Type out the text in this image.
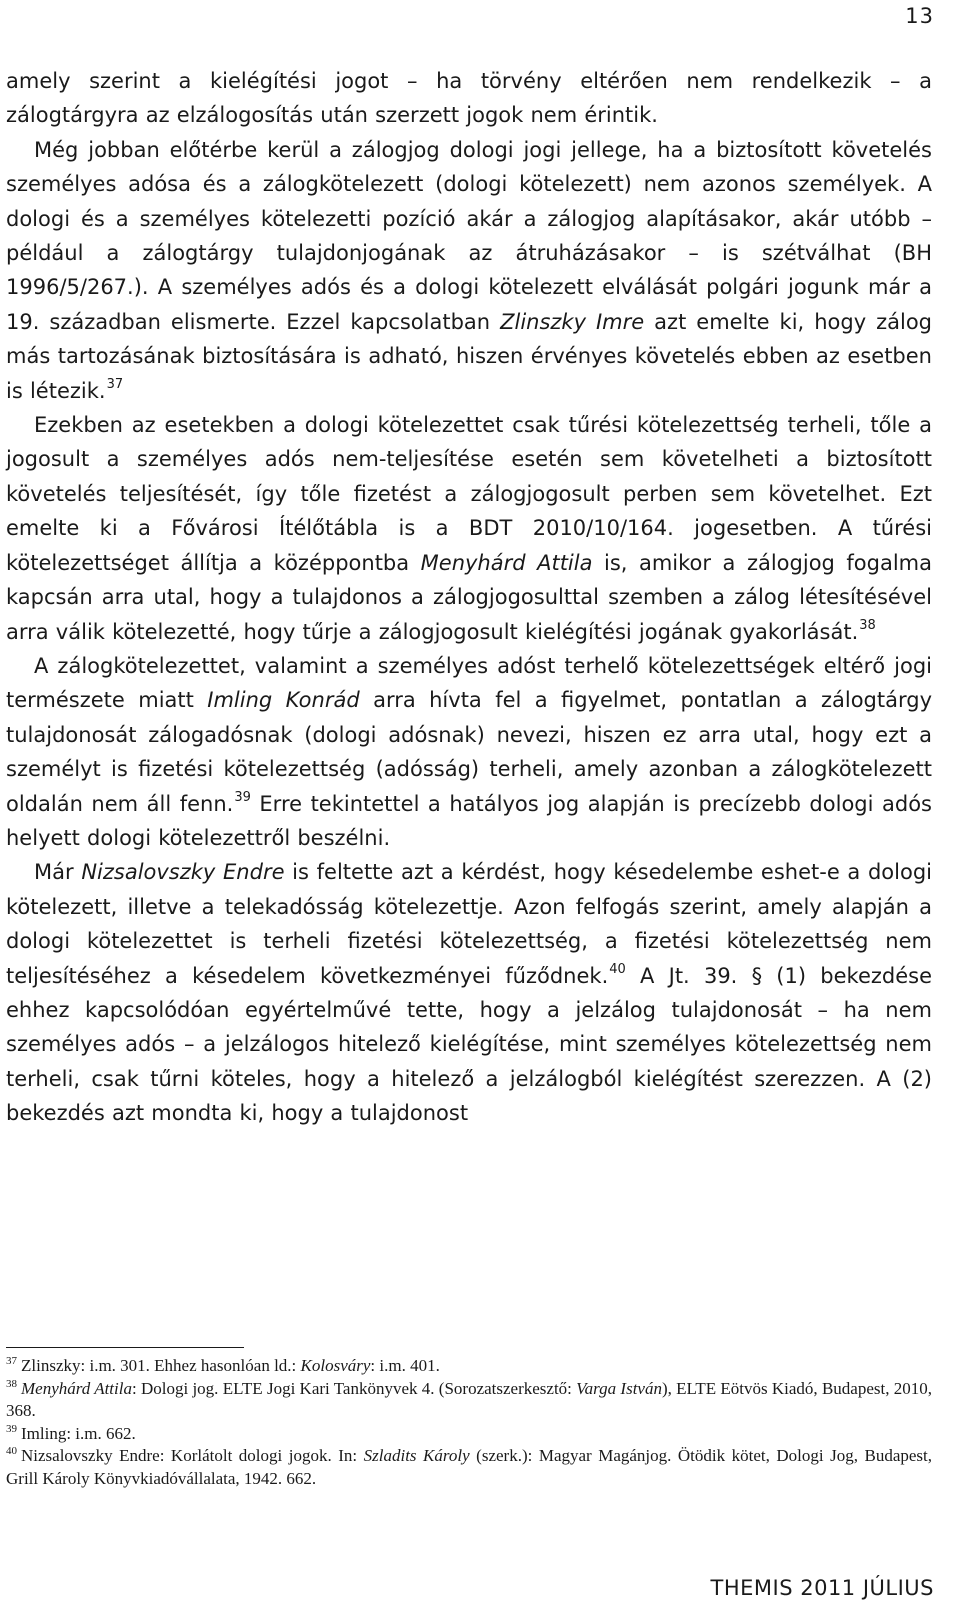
13

amely szerint a kielégítési jogot – ha törvény eltérően nem rendelkezik – a zálogtárgyra az elzálogosítás után szerzett jogok nem érintik.

Még jobban előtérbe kerül a zálogjog dologi jogi jellege, ha a biztosított követelés személyes adósa és a zálogkötelezett (dologi kötelezett) nem azonos személyek. A dologi és a személyes kötelezetti pozíció akár a zálogjog alapításakor, akár utóbb – például a zálogtárgy tulajdonjogának az átruházásakor – is szétválhat (BH 1996/5/267.). A személyes adós és a dologi kötelezett elválását polgári jogunk már a 19. században elismerte. Ezzel kapcsolatban Zlinszky Imre azt emelte ki, hogy zálog más tartozásának biztosítására is adható, hiszen érvényes követelés ebben az esetben is létezik.$^{37}$

Ezekben az esetekben a dologi kötelezettet csak tűrési kötelezettség terheli, tőle a jogosult a személyes adós nem-teljesítése esetén sem követelheti a biztosított követelés teljesítését, így tőle fizetést a zálogjogosult perben sem követelhet. Ezt emelte ki a Fővárosi Ítélőtábla is a BDT 2010/10/164. jogesetben. A tűrési kötelezettséget állítja a középpontba Menyhárd Attila is, amikor a zálogjog fogalma kapcsán arra utal, hogy a tulajdonos a zálogjogosulttal szemben a zálog létesítésével arra válik kötelezetté, hogy tűrje a zálogjogosult kielégítési jogának gyakorlását.$^{38}$

A zálogkötelezettet, valamint a személyes adóst terhelő kötelezettségek eltérő jogi természete miatt Imling Konrád arra hívta fel a figyelmet, pontatlan a zálogtárgy tulajdonosát zálogadósnak (dologi adósnak) nevezi, hiszen ez arra utal, hogy ezt a személyt is fizetési kötelezettség (adósság) terheli, amely azonban a zálogkötelezett oldalán nem áll fenn.$^{39}$ Erre tekintettel a hatályos jog alapján is precízebb dologi adós helyett dologi kötelezettről beszélni.

Már Nizsalovszky Endre is feltette azt a kérdést, hogy késedelembe eshet-e a dologi kötelezett, illetve a telekadósság kötelezettje. Azon felfogás szerint, amely alapján a dologi kötelezettet is terheli fizetési kötelezettség, a fizetési kötelezettség nem teljesítéséhez a késedelem következményei fűződnek.$^{40}$ A Jt. 39. § (1) bekezdése ehhez kapcsolódóan egyértelművé tette, hogy a jelzálog tulajdonosát – ha nem személyes adós – a jelzálogos hitelező kielégítése, mint személyes kötelezettség nem terheli, csak tűrni köteles, hogy a hitelező a jelzálogból kielégítést szerezzen. A (2) bekezdés azt mondta ki, hogy a tulajdonost

$^{37}$ Zlinszky: i.m. 301. Ehhez hasonlóan ld.: Kolosváry: i.m. 401.

$^{38}$ Menyhárd Attila: Dologi jog. ELTE Jogi Kari Tankönyvek 4. (Sorozatszerkesztő: Varga István), ELTE Eötvös Kiadó, Budapest, 2010, 368.

$^{39}$ Imling: i.m. 662.

$^{40}$ Nizsalovszky Endre: Korlátolt dologi jogok. In: Szladits Károly (szerk.): Magyar Magánjog. Ötödik kötet, Dologi Jog, Budapest, Grill Károly Könyvkiadóvállalata, 1942. 662.

THEMIS 2011 JÚLIUS
